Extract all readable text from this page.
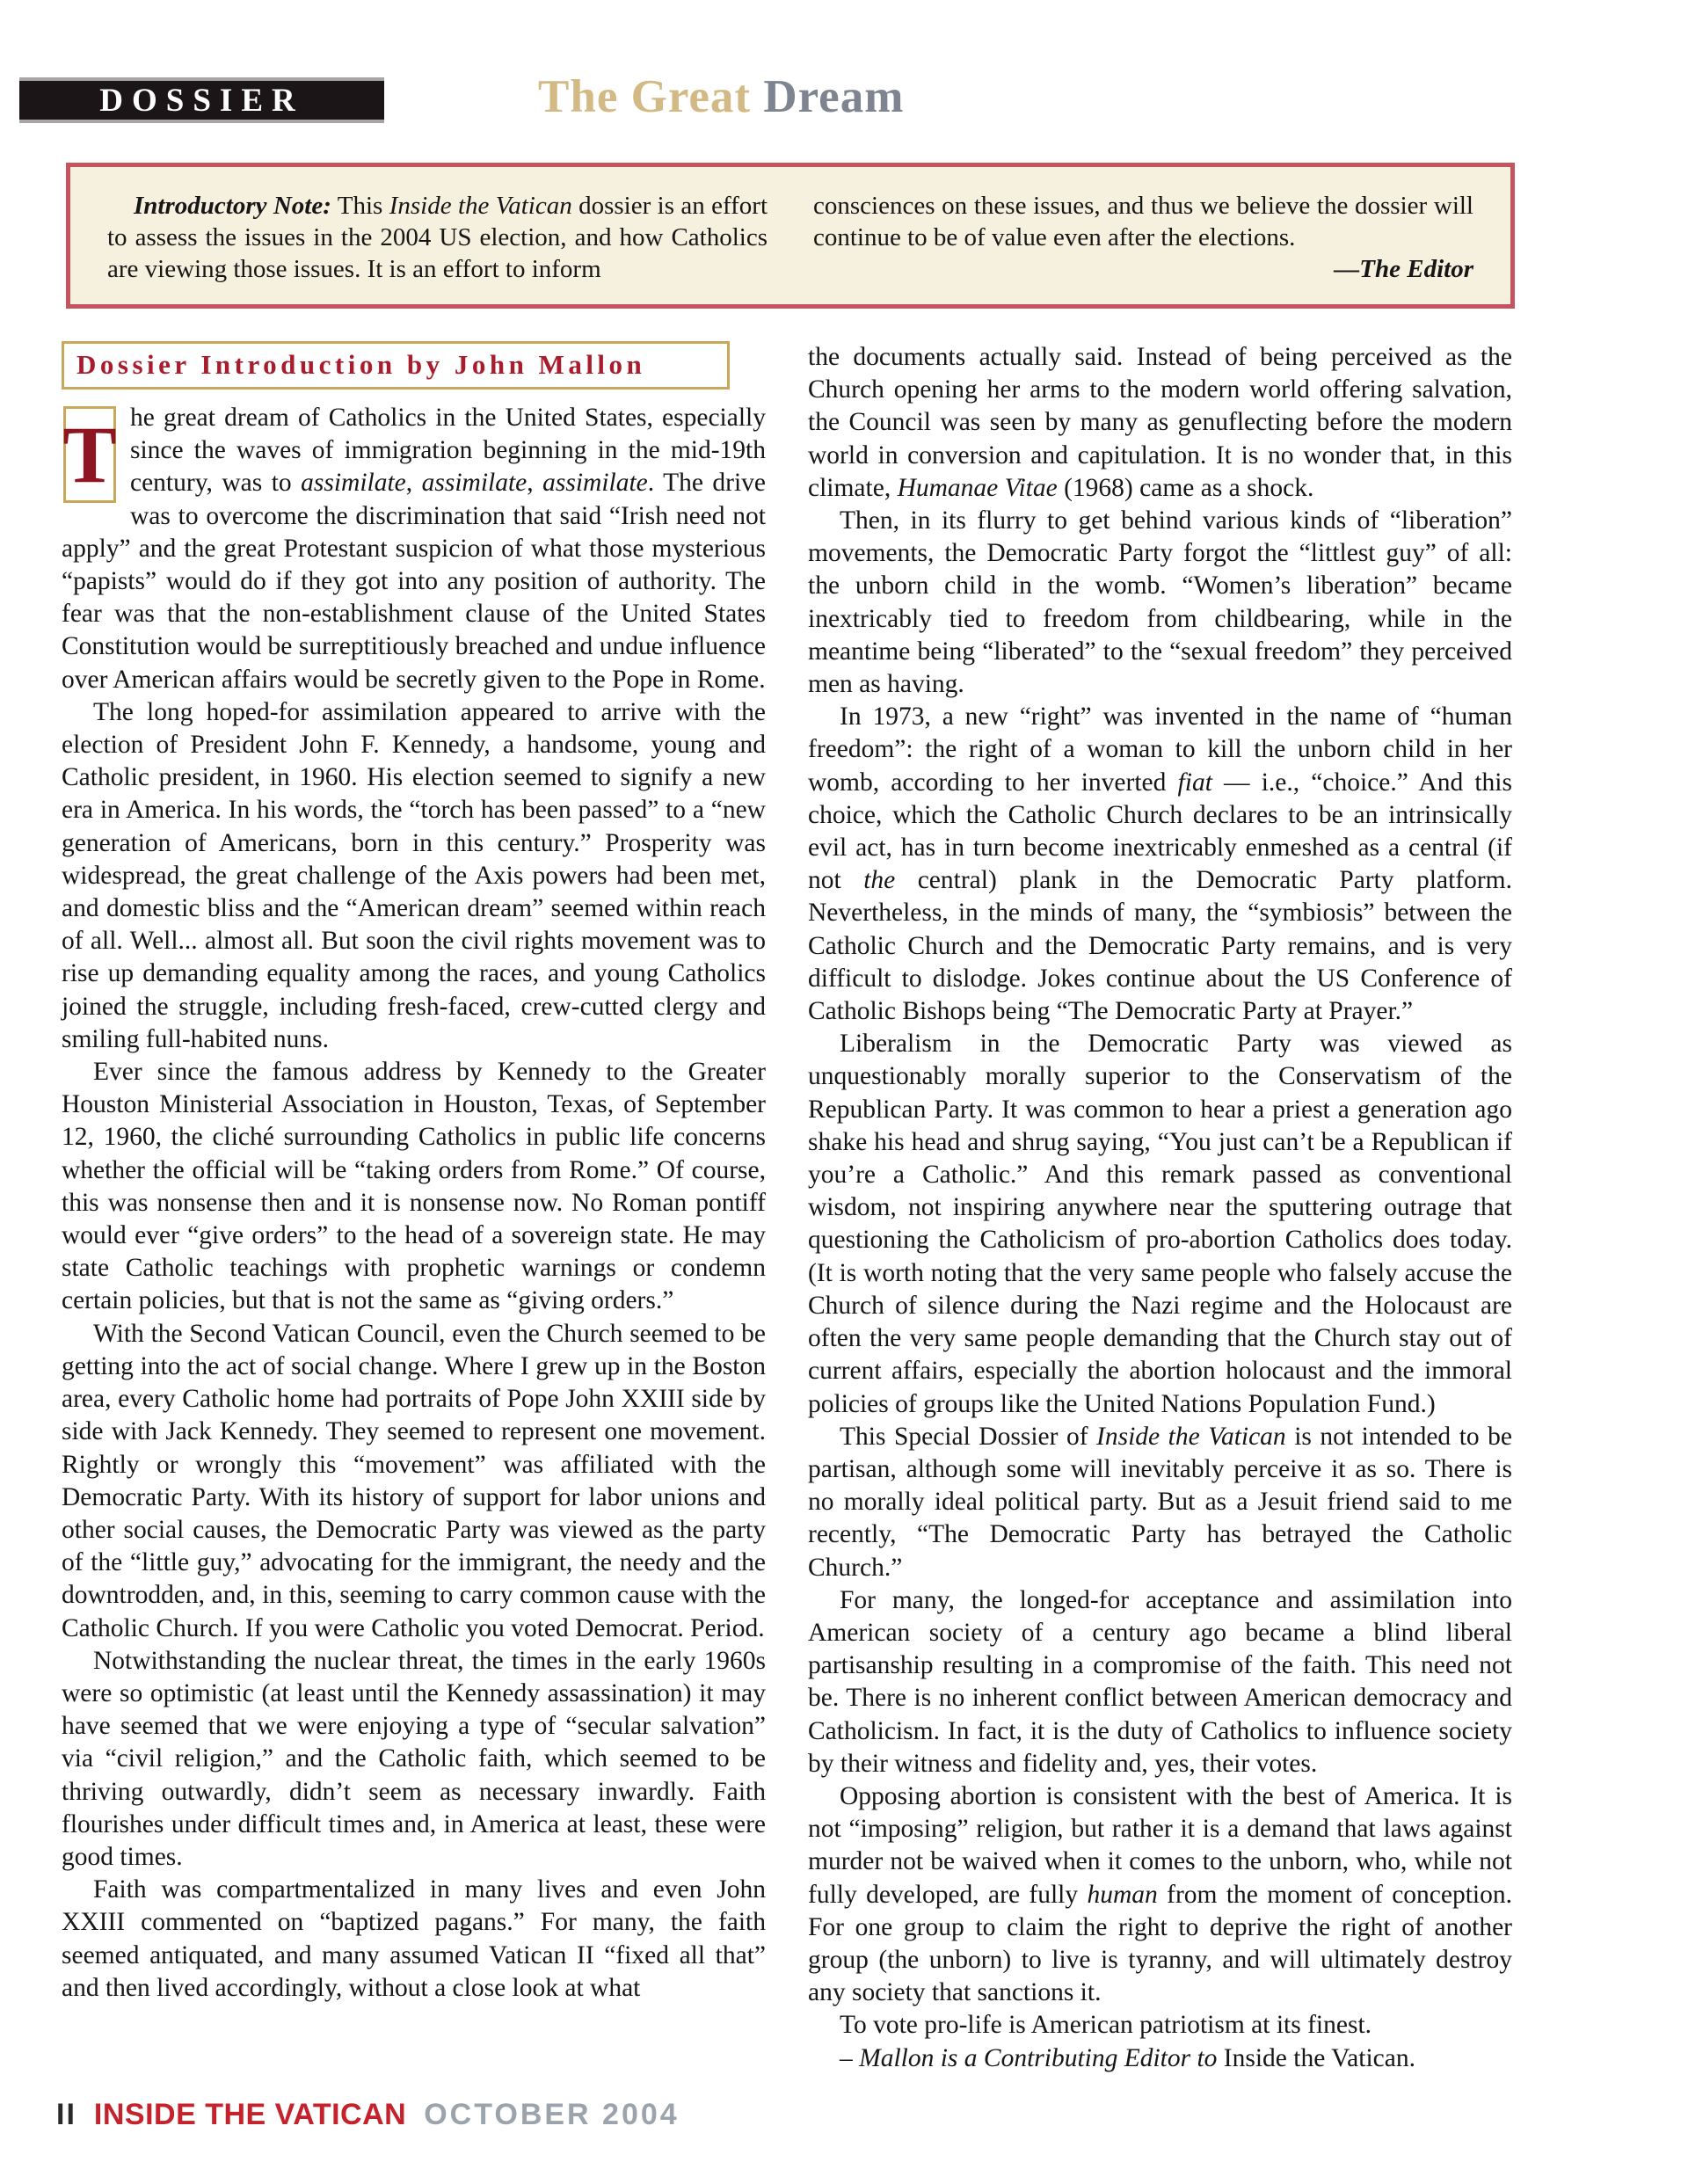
DOSSIER	The Great Dream

Introductory Note: This Inside the Vatican dossier is an effort to assess the issues in the 2004 US election, and how Catholics are viewing those issues. It is an effort to inform

consciences on these issues, and thus we believe the dossier will continue to be of value even after the elections.

—The Editor

Dossier Introduction by John Mallon

T he great dream of Catholics in the United States, especially since the waves of immigration beginning in the mid-19th century, was to assimilate, assimilate, assimilate. The drive was to overcome the discrimination that said “Irish need not apply” and the great Protestant suspicion of what those mysterious “papists” would do if they got into any position of authority. The fear was that the non-establishment clause of the United States Constitution would be surreptitiously breached and undue influence over American affairs would be secretly given to the Pope in Rome.

The long hoped-for assimilation appeared to arrive with the election of President John F. Kennedy, a handsome, young and Catholic president, in 1960. His election seemed to signify a new era in America. In his words, the “torch has been passed” to a “new generation of Americans, born in this century.” Prosperity was widespread, the great challenge of the Axis powers had been met, and domestic bliss and the “American dream” seemed within reach of all. Well... almost all. But soon the civil rights movement was to rise up demanding equality among the races, and young Catholics joined the struggle, including fresh-faced, crew-cutted clergy and smiling full-habited nuns.

Ever since the famous address by Kennedy to the Greater Houston Ministerial Association in Houston, Texas, of September 12, 1960, the cliché surrounding Catholics in public life concerns whether the official will be “taking orders from Rome.” Of course, this was nonsense then and it is nonsense now. No Roman pontiff would ever “give orders” to the head of a sovereign state. He may state Catholic teachings with prophetic warnings or condemn certain policies, but that is not the same as “giving orders.”

With the Second Vatican Council, even the Church seemed to be getting into the act of social change. Where I grew up in the Boston area, every Catholic home had portraits of Pope John XXIII side by side with Jack Kennedy. They seemed to represent one movement. Rightly or wrongly this “movement” was affiliated with the Democratic Party. With its history of support for labor unions and other social causes, the Democratic Party was viewed as the party of the “little guy,” advocating for the immigrant, the needy and the downtrodden, and, in this, seeming to carry common cause with the Catholic Church. If you were Catholic you voted Democrat. Period.

Notwithstanding the nuclear threat, the times in the early 1960s were so optimistic (at least until the Kennedy assassination) it may have seemed that we were enjoying a type of “secular salvation” via “civil religion,” and the Catholic faith, which seemed to be thriving outwardly, didn’t seem as necessary inwardly. Faith flourishes under difficult times and, in America at least, these were good times.

Faith was compartmentalized in many lives and even John XXIII commented on “baptized pagans.” For many, the faith seemed antiquated, and many assumed Vatican II “fixed all that” and then lived accordingly, without a close look at what

the documents actually said. Instead of being perceived as the Church opening her arms to the modern world offering salvation, the Council was seen by many as genuflecting before the modern world in conversion and capitulation. It is no wonder that, in this climate, Humanae Vitae (1968) came as a shock.

Then, in its flurry to get behind various kinds of “liberation” movements, the Democratic Party forgot the “littlest guy” of all: the unborn child in the womb. “Women’s liberation” became inextricably tied to freedom from childbearing, while in the meantime being “liberated” to the “sexual freedom” they perceived men as having.

In 1973, a new “right” was invented in the name of “human freedom”: the right of a woman to kill the unborn child in her womb, according to her inverted fiat — i.e., “choice.” And this choice, which the Catholic Church declares to be an intrinsically evil act, has in turn become inextricably enmeshed as a central (if not the central) plank in the Democratic Party platform. Nevertheless, in the minds of many, the “symbiosis” between the Catholic Church and the Democratic Party remains, and is very difficult to dislodge. Jokes continue about the US Conference of Catholic Bishops being “The Democratic Party at Prayer.”

Liberalism in the Democratic Party was viewed as unquestionably morally superior to the Conservatism of the Republican Party. It was common to hear a priest a generation ago shake his head and shrug saying, “You just can’t be a Republican if you’re a Catholic.” And this remark passed as conventional wisdom, not inspiring anywhere near the sputtering outrage that questioning the Catholicism of pro-abortion Catholics does today. (It is worth noting that the very same people who falsely accuse the Church of silence during the Nazi regime and the Holocaust are often the very same people demanding that the Church stay out of current affairs, especially the abortion holocaust and the immoral policies of groups like the United Nations Population Fund.)

This Special Dossier of Inside the Vatican is not intended to be partisan, although some will inevitably perceive it as so. There is no morally ideal political party. But as a Jesuit friend said to me recently, “The Democratic Party has betrayed the Catholic Church.”

For many, the longed-for acceptance and assimilation into American society of a century ago became a blind liberal partisanship resulting in a compromise of the faith. This need not be. There is no inherent conflict between American democracy and Catholicism. In fact, it is the duty of Catholics to influence society by their witness and fidelity and, yes, their votes.

Opposing abortion is consistent with the best of America. It is not “imposing” religion, but rather it is a demand that laws against murder not be waived when it comes to the unborn, who, while not fully developed, are fully human from the moment of conception. For one group to claim the right to deprive the right of another group (the unborn) to live is tyranny, and will ultimately destroy any society that sanctions it.

To vote pro-life is American patriotism at its finest.

– Mallon is a Contributing Editor to Inside the Vatican.

II INSIDE THE VATICAN OCTOBER 2004
